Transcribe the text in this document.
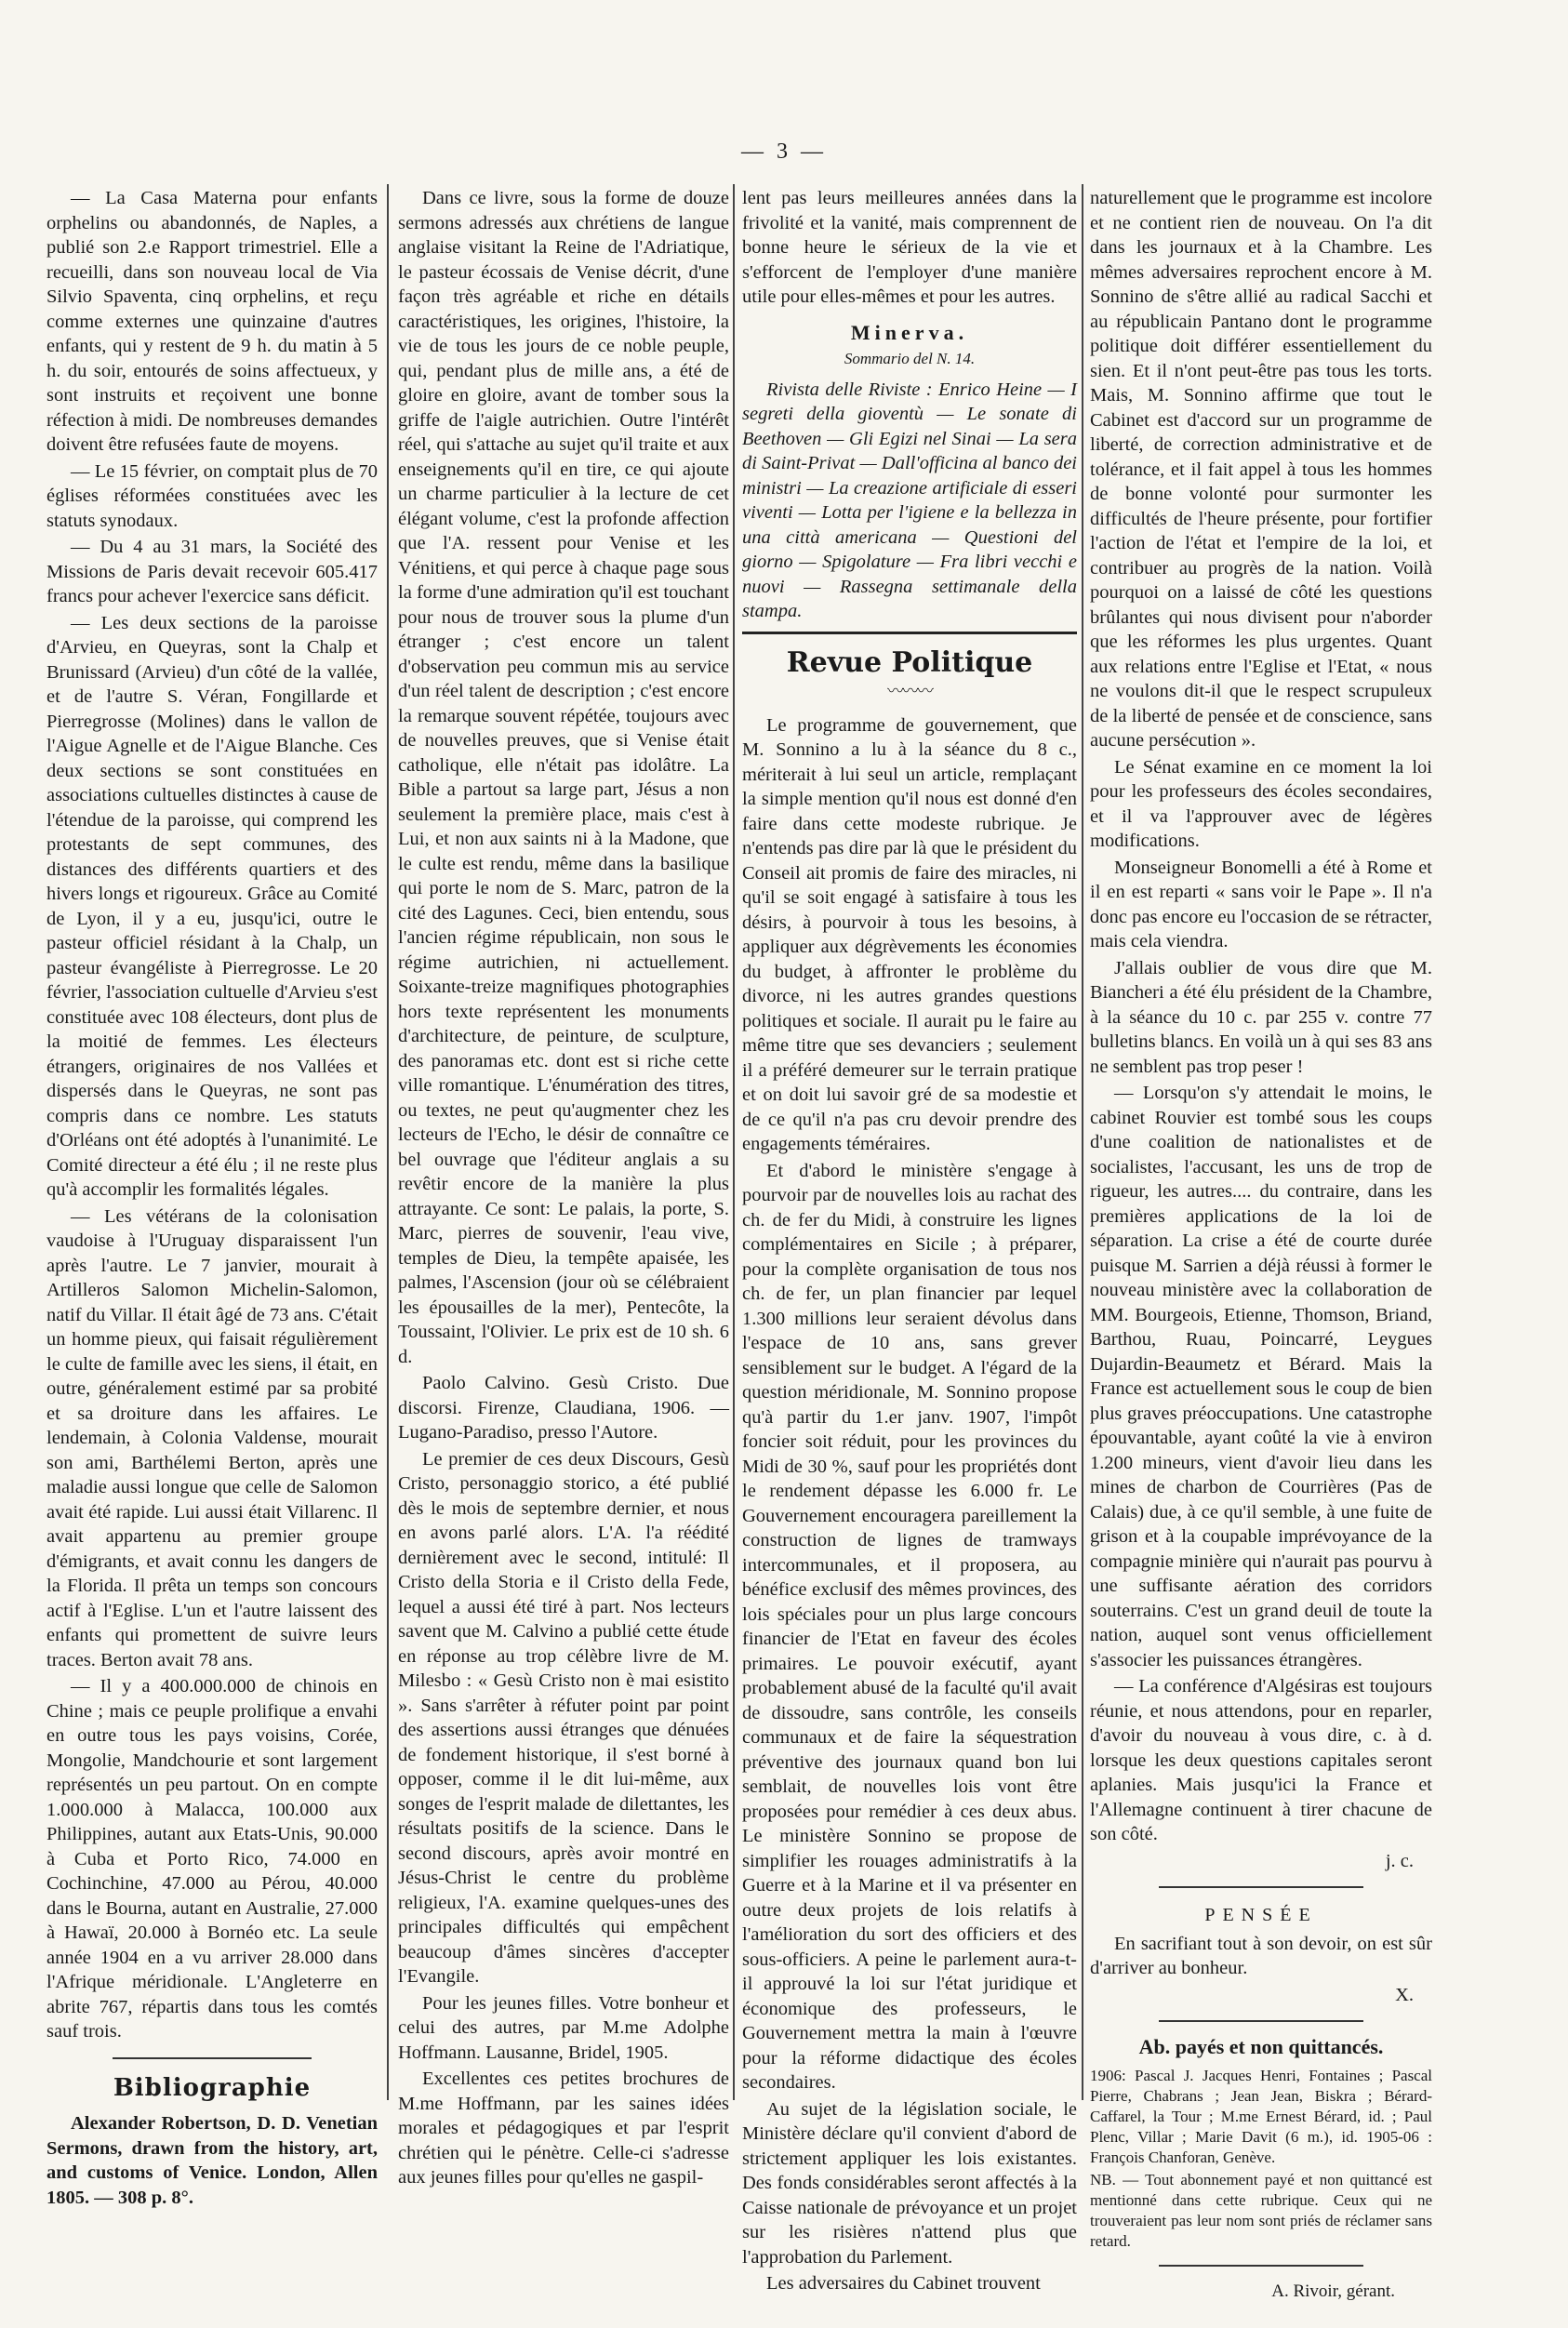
— 3 —

— La Casa Materna pour enfants orphelins ou abandonnés, de Naples, a publié son 2.e Rapport trimestriel. Elle a recueilli, dans son nouveau local de Via Silvio Spaventa, cinq orphelins, et reçu comme externes une quinzaine d'autres enfants, qui y restent de 9 h. du matin à 5 h. du soir, entourés de soins affectueux, y sont instruits et reçoivent une bonne réfection à midi. De nombreuses demandes doivent être refusées faute de moyens.

— Le 15 février, on comptait plus de 70 églises réformées constituées avec les statuts synodaux.

— Du 4 au 31 mars, la Société des Missions de Paris devait recevoir 605.417 francs pour achever l'exercice sans déficit.

— Les deux sections de la paroisse d'Arvieu, en Queyras, sont la Chalp et Brunissard (Arvieu) d'un côté de la vallée, et de l'autre S. Véran, Fongillarde et Pierregrosse (Molines) dans le vallon de l'Aigue Agnelle et de l'Aigue Blanche. Ces deux sections se sont constituées en associations cultuelles distinctes à cause de l'étendue de la paroisse, qui comprend les protestants de sept communes, des distances des différents quartiers et des hivers longs et rigoureux. Grâce au Comité de Lyon, il y a eu, jusqu'ici, outre le pasteur officiel résidant à la Chalp, un pasteur évangéliste à Pierregrosse. Le 20 février, l'association cultuelle d'Arvieu s'est constituée avec 108 électeurs, dont plus de la moitié de femmes. Les électeurs étrangers, originaires de nos Vallées et dispersés dans le Queyras, ne sont pas compris dans ce nombre. Les statuts d'Orléans ont été adoptés à l'unanimité. Le Comité directeur a été élu ; il ne reste plus qu'à accomplir les formalités légales.

— Les vétérans de la colonisation vaudoise à l'Uruguay disparaissent l'un après l'autre. Le 7 janvier, mourait à Artilleros Salomon Michelin-Salomon, natif du Villar. Il était âgé de 73 ans. C'était un homme pieux, qui faisait régulièrement le culte de famille avec les siens, il était, en outre, généralement estimé par sa probité et sa droiture dans les affaires. Le lendemain, à Colonia Valdense, mourait son ami, Barthélemi Berton, après une maladie aussi longue que celle de Salomon avait été rapide. Lui aussi était Villarenc. Il avait appartenu au premier groupe d'émigrants, et avait connu les dangers de la Florida. Il prêta un temps son concours actif à l'Eglise. L'un et l'autre laissent des enfants qui promettent de suivre leurs traces. Berton avait 78 ans.

— Il y a 400.000.000 de chinois en Chine ; mais ce peuple prolifique a envahi en outre tous les pays voisins, Corée, Mongolie, Mandchourie et sont largement représentés un peu partout. On en compte 1.000.000 à Malacca, 100.000 aux Philippines, autant aux Etats-Unis, 90.000 à Cuba et Porto Rico, 74.000 en Cochinchine, 47.000 au Pérou, 40.000 dans le Bourna, autant en Australie, 27.000 à Hawaï, 20.000 à Bornéo etc. La seule année 1904 en a vu arriver 28.000 dans l'Afrique méridionale. L'Angleterre en abrite 767, répartis dans tous les comtés sauf trois.

Bibliographie

Alexander Robertson, D. D. Venetian Sermons, drawn from the history, art, and customs of Venice. London, Allen 1805. — 308 p. 8°.

Dans ce livre, sous la forme de douze sermons adressés aux chrétiens de langue anglaise visitant la Reine de l'Adriatique, le pasteur écossais de Venise décrit, d'une façon très agréable et riche en détails caractéristiques, les origines, l'histoire, la vie de tous les jours de ce noble peuple, qui, pendant plus de mille ans, a été de gloire en gloire, avant de tomber sous la griffe de l'aigle autrichien. Outre l'intérêt réel, qui s'attache au sujet qu'il traite et aux enseignements qu'il en tire, ce qui ajoute un charme particulier à la lecture de cet élégant volume, c'est la profonde affection que l'A. ressent pour Venise et les Vénitiens, et qui perce à chaque page sous la forme d'une admiration qu'il est touchant pour nous de trouver sous la plume d'un étranger ; c'est encore un talent d'observation peu commun mis au service d'un réel talent de description ; c'est encore la remarque souvent répétée, toujours avec de nouvelles preuves, que si Venise était catholique, elle n'était pas idolâtre. La Bible a partout sa large part, Jésus a non seulement la première place, mais c'est à Lui, et non aux saints ni à la Madone, que le culte est rendu, même dans la basilique qui porte le nom de S. Marc, patron de la cité des Lagunes. Ceci, bien entendu, sous l'ancien régime républicain, non sous le régime autrichien, ni actuellement. Soixante-treize magnifiques photographies hors texte représentent les monuments d'architecture, de peinture, de sculpture, des panoramas etc. dont est si riche cette ville romantique. L'énumération des titres, ou textes, ne peut qu'augmenter chez les lecteurs de l'Echo, le désir de connaître ce bel ouvrage que l'éditeur anglais a su revêtir encore de la manière la plus attrayante. Ce sont: Le palais, la porte, S. Marc, pierres de souvenir, l'eau vive, temples de Dieu, la tempête apaisée, les palmes, l'Ascension (jour où se célébraient les épousailles de la mer), Pentecôte, la Toussaint, l'Olivier. Le prix est de 10 sh. 6 d.

Paolo Calvino. Gesù Cristo. Due discorsi. Firenze, Claudiana, 1906. — Lugano-Paradiso, presso l'Autore.

Le premier de ces deux Discours, Gesù Cristo, personaggio storico, a été publié dès le mois de septembre dernier, et nous en avons parlé alors. L'A. l'a réédité dernièrement avec le second, intitulé: Il Cristo della Storia e il Cristo della Fede, lequel a aussi été tiré à part. Nos lecteurs savent que M. Calvino a publié cette étude en réponse au trop célèbre livre de M. Milesbo : « Gesù Cristo non è mai esistito ». Sans s'arrêter à réfuter point par point des assertions aussi étranges que dénuées de fondement historique, il s'est borné à opposer, comme il le dit lui-même, aux songes de l'esprit malade de dilettantes, les résultats positifs de la science. Dans le second discours, après avoir montré en Jésus-Christ le centre du problème religieux, l'A. examine quelques-unes des principales difficultés qui empêchent beaucoup d'âmes sincères d'accepter l'Evangile.

Pour les jeunes filles. Votre bonheur et celui des autres, par M.me Adolphe Hoffmann. Lausanne, Bridel, 1905.

Excellentes ces petites brochures de M.me Hoffmann, par les saines idées morales et pédagogiques et par l'esprit chrétien qui le pénètre. Celle-ci s'adresse aux jeunes filles pour qu'elles ne gaspil-

lent pas leurs meilleures années dans la frivolité et la vanité, mais comprennent de bonne heure le sérieux de la vie et s'efforcent de l'employer d'une manière utile pour elles-mêmes et pour les autres.

Minerva.
Sommario del N. 14.

Rivista delle Riviste : Enrico Heine — I segreti della gioventù — Le sonate di Beethoven — Gli Egizi nel Sinai — La sera di Saint-Privat — Dall'officina al banco dei ministri — La creazione artificiale di esseri viventi — Lotta per l'igiene e la bellezza in una città americana — Questioni del giorno — Spigolature — Fra libri vecchi e nuovi — Rassegna settimanale della stampa.

Revue Politique
〰〰〰

Le programme de gouvernement, que M. Sonnino a lu à la séance du 8 c., mériterait à lui seul un article, remplaçant la simple mention qu'il nous est donné d'en faire dans cette modeste rubrique. Je n'entends pas dire par là que le président du Conseil ait promis de faire des miracles, ni qu'il se soit engagé à satisfaire à tous les désirs, à pourvoir à tous les besoins, à appliquer aux dégrèvements les économies du budget, à affronter le problème du divorce, ni les autres grandes questions politiques et sociale. Il aurait pu le faire au même titre que ses devanciers ; seulement il a préféré demeurer sur le terrain pratique et on doit lui savoir gré de sa modestie et de ce qu'il n'a pas cru devoir prendre des engagements téméraires.

Et d'abord le ministère s'engage à pourvoir par de nouvelles lois au rachat des ch. de fer du Midi, à construire les lignes complémentaires en Sicile ; à préparer, pour la complète organisation de tous nos ch. de fer, un plan financier par lequel 1.300 millions leur seraient dévolus dans l'espace de 10 ans, sans grever sensiblement sur le budget. A l'égard de la question méridionale, M. Sonnino propose qu'à partir du 1.er janv. 1907, l'impôt foncier soit réduit, pour les provinces du Midi de 30 %, sauf pour les propriétés dont le rendement dépasse les 6.000 fr. Le Gouvernement encouragera pareillement la construction de lignes de tramways intercommunales, et il proposera, au bénéfice exclusif des mêmes provinces, des lois spéciales pour un plus large concours financier de l'Etat en faveur des écoles primaires. Le pouvoir exécutif, ayant probablement abusé de la faculté qu'il avait de dissoudre, sans contrôle, les conseils communaux et de faire la séquestration préventive des journaux quand bon lui semblait, de nouvelles lois vont être proposées pour remédier à ces deux abus. Le ministère Sonnino se propose de simplifier les rouages administratifs à la Guerre et à la Marine et il va présenter en outre deux projets de lois relatifs à l'amélioration du sort des officiers et des sous-officiers. A peine le parlement aura-t-il approuvé la loi sur l'état juridique et économique des professeurs, le Gouvernement mettra la main à l'œuvre pour la réforme didactique des écoles secondaires.

Au sujet de la législation sociale, le Ministère déclare qu'il convient d'abord de strictement appliquer les lois existantes. Des fonds considérables seront affectés à la Caisse nationale de prévoyance et un projet sur les risières n'attend plus que l'approbation du Parlement.

Les adversaires du Cabinet trouvent

naturellement que le programme est incolore et ne contient rien de nouveau. On l'a dit dans les journaux et à la Chambre. Les mêmes adversaires reprochent encore à M. Sonnino de s'être allié au radical Sacchi et au républicain Pantano dont le programme politique doit différer essentiellement du sien. Et il n'ont peut-être pas tous les torts. Mais, M. Sonnino affirme que tout le Cabinet est d'accord sur un programme de liberté, de correction administrative et de tolérance, et il fait appel à tous les hommes de bonne volonté pour surmonter les difficultés de l'heure présente, pour fortifier l'action de l'état et l'empire de la loi, et contribuer au progrès de la nation. Voilà pourquoi on a laissé de côté les questions brûlantes qui nous divisent pour n'aborder que les réformes les plus urgentes. Quant aux relations entre l'Eglise et l'Etat, « nous ne voulons dit-il que le respect scrupuleux de la liberté de pensée et de conscience, sans aucune persécution ».

Le Sénat examine en ce moment la loi pour les professeurs des écoles secondaires, et il va l'approuver avec de légères modifications.

Monseigneur Bonomelli a été à Rome et il en est reparti « sans voir le Pape ». Il n'a donc pas encore eu l'occasion de se rétracter, mais cela viendra.

J'allais oublier de vous dire que M. Biancheri a été élu président de la Chambre, à la séance du 10 c. par 255 v. contre 77 bulletins blancs. En voilà un à qui ses 83 ans ne semblent pas trop peser !

— Lorsqu'on s'y attendait le moins, le cabinet Rouvier est tombé sous les coups d'une coalition de nationalistes et de socialistes, l'accusant, les uns de trop de rigueur, les autres.... du contraire, dans les premières applications de la loi de séparation. La crise a été de courte durée puisque M. Sarrien a déjà réussi à former le nouveau ministère avec la collaboration de MM. Bourgeois, Etienne, Thomson, Briand, Barthou, Ruau, Poincarré, Leygues Dujardin-Beaumetz et Bérard. Mais la France est actuellement sous le coup de bien plus graves préoccupations. Une catastrophe épouvantable, ayant coûté la vie à environ 1.200 mineurs, vient d'avoir lieu dans les mines de charbon de Courrières (Pas de Calais) due, à ce qu'il semble, à une fuite de grison et à la coupable imprévoyance de la compagnie minière qui n'aurait pas pourvu à une suffisante aération des corridors souterrains. C'est un grand deuil de toute la nation, auquel sont venus officiellement s'associer les puissances étrangères.

— La conférence d'Algésiras est toujours réunie, et nous attendons, pour en reparler, d'avoir du nouveau à vous dire, c. à d. lorsque les deux questions capitales seront aplanies. Mais jusqu'ici la France et l'Allemagne continuent à tirer chacune de son côté.

j. c.
PENSÉE

En sacrifiant tout à son devoir, on est sûr d'arriver au bonheur.

X.
Ab. payés et non quittancés.

1906: Pascal J. Jacques Henri, Fontaines ; Pascal Pierre, Chabrans ; Jean Jean, Biskra ; Bérard-Caffarel, la Tour ; M.me Ernest Bérard, id. ; Paul Plenc, Villar ; Marie Davit (6 m.), id. 1905-06 : François Chanforan, Genève.

NB. — Tout abonnement payé et non quittancé est mentionné dans cette rubrique. Ceux qui ne trouveraient pas leur nom sont priés de réclamer sans retard.

A. Rivoir, gérant.
